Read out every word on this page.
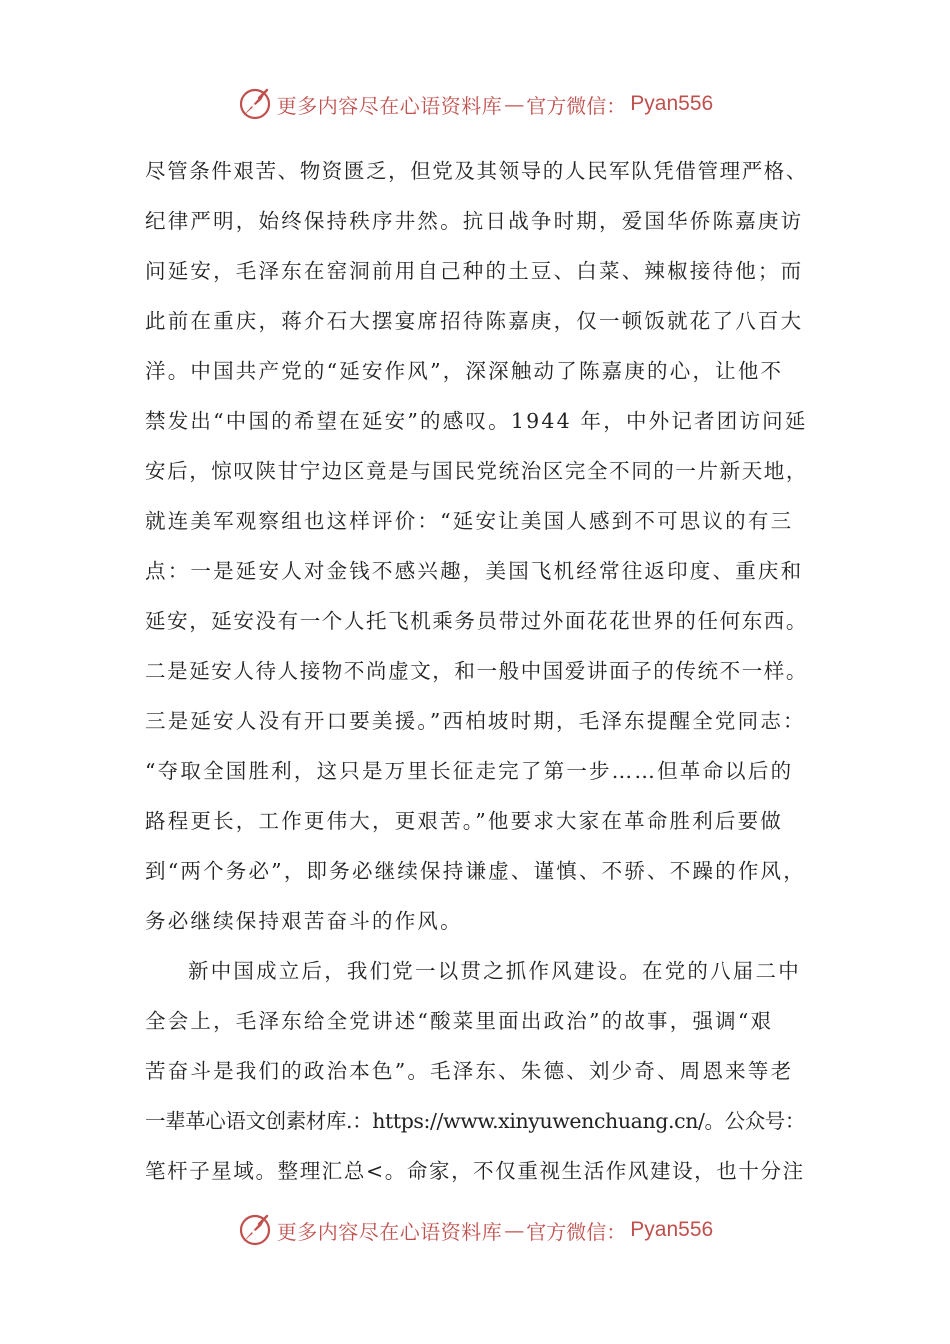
更多内容尽在心语资料库 — 官方微信： Pyan556
尽管条件艰苦、物资匮乏，但党及其领导的人民军队凭借管理严格、
纪律严明，始终保持秩序井然。抗日战争时期，爱国华侨陈嘉庚访
问延安，毛泽东在窑洞前用自己种的土豆、白菜、辣椒接待他；而
此前在重庆，蒋介石大摆宴席招待陈嘉庚，仅一顿饭就花了八百大
洋。中国共产党的“延安作风”，深深触动了陈嘉庚的心，让他不
禁发出“中国的希望在延安”的感叹。1944 年，中外记者团访问延
安后，惊叹陕甘宁边区竟是与国民党统治区完全不同的一片新天地，
就连美军观察组也这样评价：“延安让美国人感到不可思议的有三
点：一是延安人对金钱不感兴趣，美国飞机经常往返印度、重庆和
延安，延安没有一个人托飞机乘务员带过外面花花世界的任何东西。
二是延安人待人接物不尚虚文，和一般中国爱讲面子的传统不一样。
三是延安人没有开口要美援。”西柏坡时期，毛泽东提醒全党同志：
“夺取全国胜利，这只是万里长征走完了第一步……但革命以后的
路程更长，工作更伟大，更艰苦。”他要求大家在革命胜利后要做
到“两个务必”，即务必继续保持谦虚、谨慎、不骄、不躁的作风，
务必继续保持艰苦奋斗的作风。
新中国成立后，我们党一以贯之抓作风建设。在党的八届二中
全会上，毛泽东给全党讲述“酸菜里面出政治”的故事，强调“艰
苦奋斗是我们的政治本色”。毛泽东、朱德、刘少奇、周恩来等老
一辈革心语文创素材库.：https://www.xinyuwenchuang.cn/。公众号：
笔杆子星域。整理汇总<。命家，不仅重视生活作风建设，也十分注
更多内容尽在心语资料库 — 官方微信： Pyan556
